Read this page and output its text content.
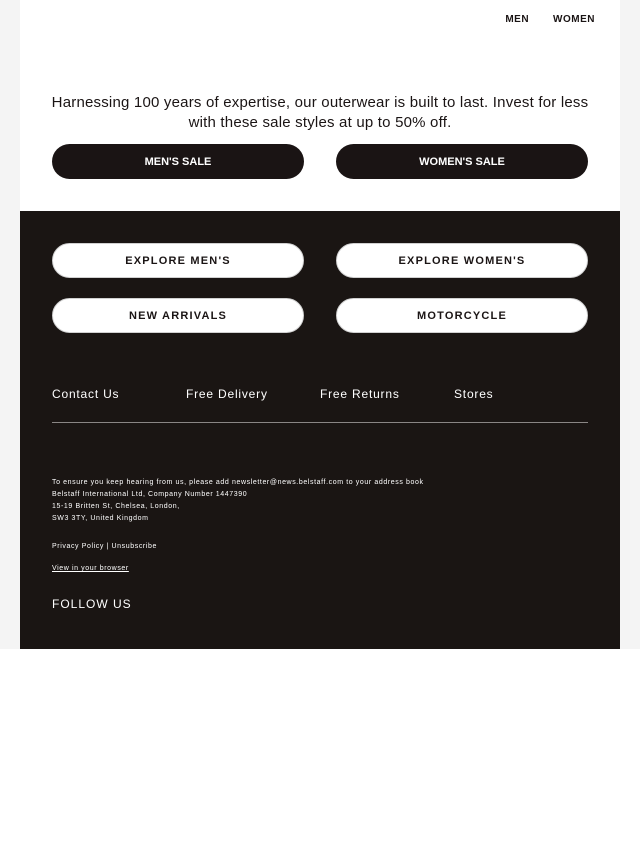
MEN WOMEN

Harnessing 100 years of expertise, our outerwear is built to last. Invest for less with these sale styles at up to 50% off.

MEN'S SALE	WOMEN'S SALE
EXPLORE MEN'S	EXPLORE WOMEN'S
NEW ARRIVALS	MOTORCYCLE
Contact Us	Free Delivery	Free Returns	Stores
To ensure you keep hearing from us, please add newsletter@news.belstaff.com to your address book
Belstaff International Ltd, Company Number 1447390
15-19 Britten St, Chelsea, London,
SW3 3TY, United Kingdom
Privacy Policy | Unsubscribe
View in your browser
FOLLOW US
